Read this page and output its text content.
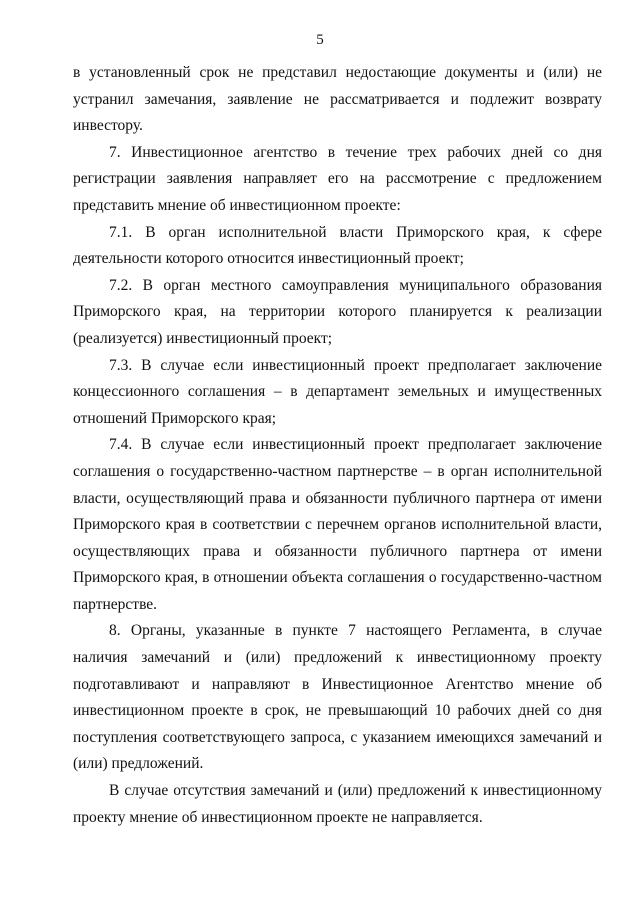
5

в установленный срок не представил недостающие документы и (или) не устранил замечания, заявление не рассматривается и подлежит возврату инвестору.

7. Инвестиционное агентство в течение трех рабочих дней со дня регистрации заявления направляет его на рассмотрение с предложением представить мнение об инвестиционном проекте:

7.1. В орган исполнительной власти Приморского края, к сфере деятельности которого относится инвестиционный проект;

7.2. В орган местного самоуправления муниципального образования Приморского края, на территории которого планируется к реализации (реализуется) инвестиционный проект;

7.3. В случае если инвестиционный проект предполагает заключение концессионного соглашения – в департамент земельных и имущественных отношений Приморского края;

7.4. В случае если инвестиционный проект предполагает заключение соглашения о государственно-частном партнерстве – в орган исполнительной власти, осуществляющий права и обязанности публичного партнера от имени Приморского края в соответствии с перечнем органов исполнительной власти, осуществляющих права и обязанности публичного партнера от имени Приморского края, в отношении объекта соглашения о государственно-частном партнерстве.

8. Органы, указанные в пункте 7 настоящего Регламента, в случае наличия замечаний и (или) предложений к инвестиционному проекту подготавливают и направляют в Инвестиционное Агентство мнение об инвестиционном проекте в срок, не превышающий 10 рабочих дней со дня поступления соответствующего запроса, с указанием имеющихся замечаний и (или) предложений.

В случае отсутствия замечаний и (или) предложений к инвестиционному проекту мнение об инвестиционном проекте не направляется.
